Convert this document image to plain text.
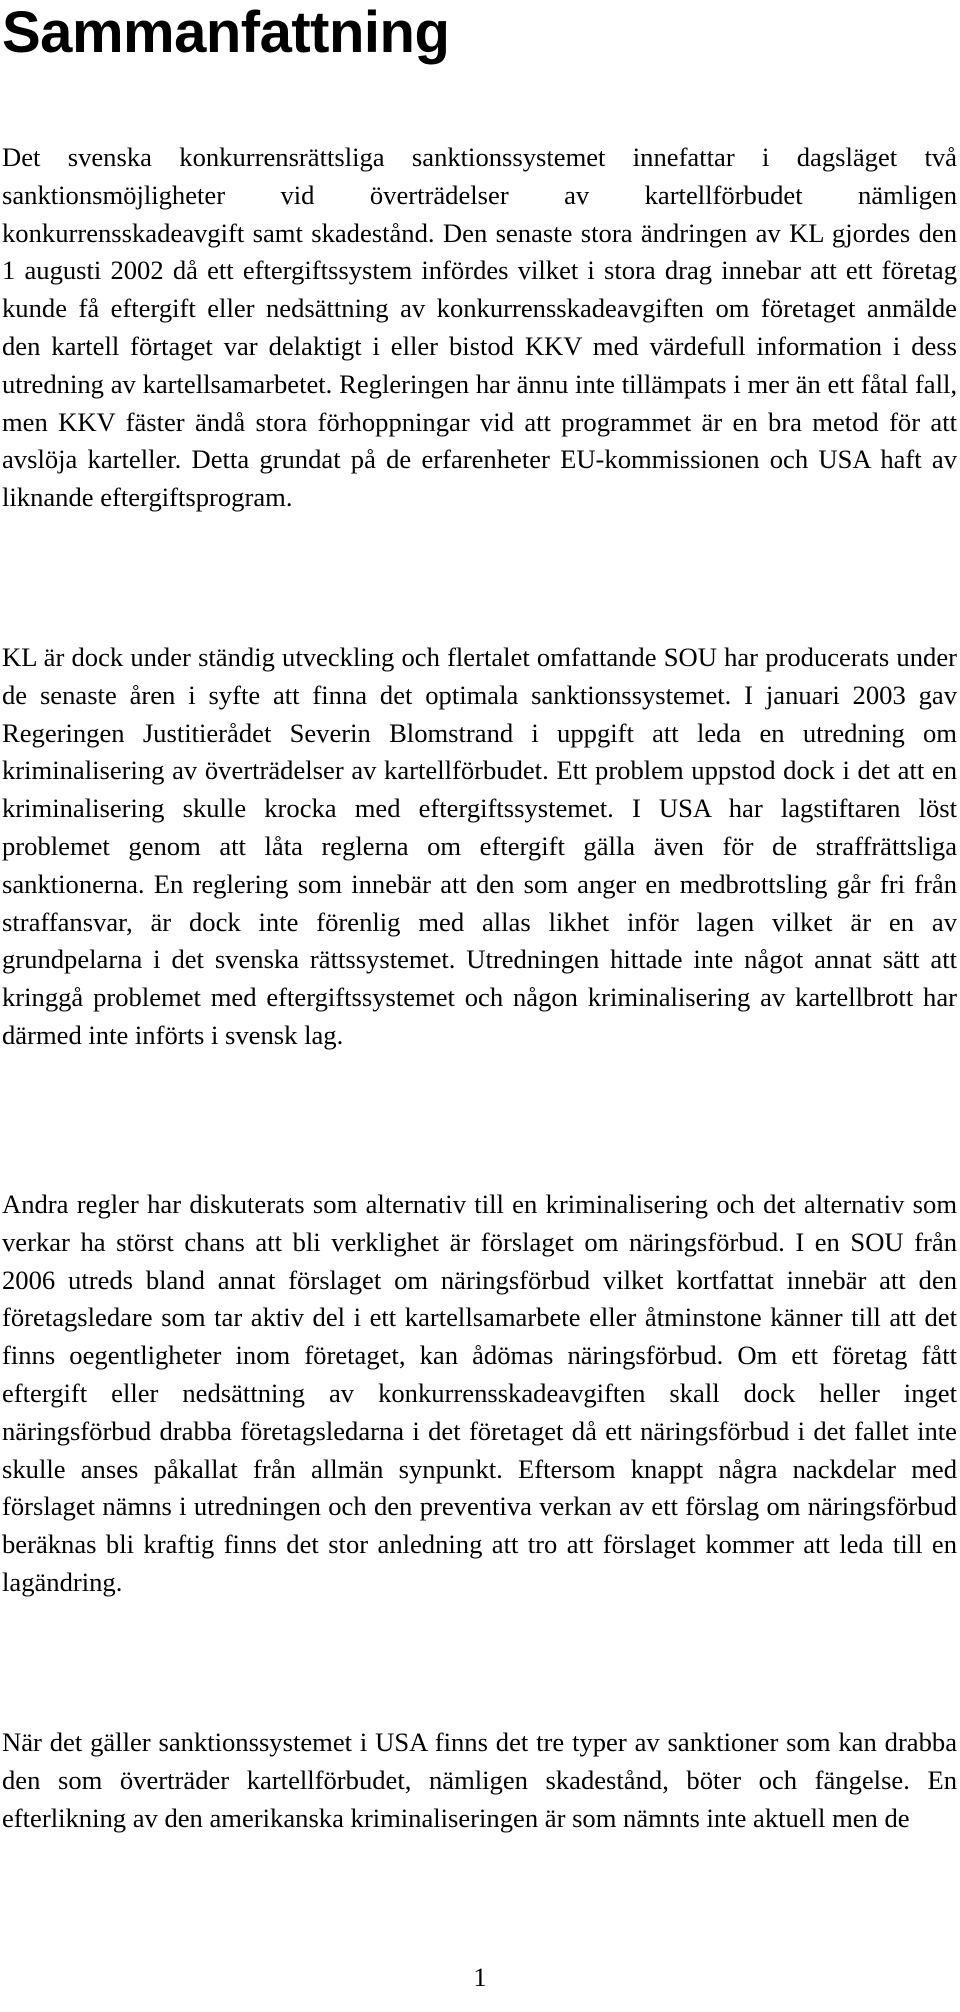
Sammanfattning

Det svenska konkurrensrättsliga sanktionssystemet innefattar i dagsläget två sanktionsmöjligheter vid överträdelser av kartellförbudet nämligen konkurrensskadeavgift samt skadestånd. Den senaste stora ändringen av KL gjordes den 1 augusti 2002 då ett eftergiftssystem infördes vilket i stora drag innebar att ett företag kunde få eftergift eller nedsättning av konkurrensskadeavgiften om företaget anmälde den kartell förtaget var delaktigt i eller bistod KKV med värdefull information i dess utredning av kartellsamarbetet. Regleringen har ännu inte tillämpats i mer än ett fåtal fall, men KKV fäster ändå stora förhoppningar vid att programmet är en bra metod för att avslöja karteller. Detta grundat på de erfarenheter EU-kommissionen och USA haft av liknande eftergiftsprogram.

KL är dock under ständig utveckling och flertalet omfattande SOU har producerats under de senaste åren i syfte att finna det optimala sanktionssystemet. I januari 2003 gav Regeringen Justitierådet Severin Blomstrand i uppgift att leda en utredning om kriminalisering av överträdelser av kartellförbudet. Ett problem uppstod dock i det att en kriminalisering skulle krocka med eftergiftssystemet. I USA har lagstiftaren löst problemet genom att låta reglerna om eftergift gälla även för de straffrättsliga sanktionerna. En reglering som innebär att den som anger en medbrottsling går fri från straffansvar, är dock inte förenlig med allas likhet inför lagen vilket är en av grundpelarna i det svenska rättssystemet. Utredningen hittade inte något annat sätt att kringgå problemet med eftergiftssystemet och någon kriminalisering av kartellbrott har därmed inte införts i svensk lag.

Andra regler har diskuterats som alternativ till en kriminalisering och det alternativ som verkar ha störst chans att bli verklighet är förslaget om näringsförbud. I en SOU från 2006 utreds bland annat förslaget om näringsförbud vilket kortfattat innebär att den företagsledare som tar aktiv del i ett kartellsamarbete eller åtminstone känner till att det finns oegentligheter inom företaget, kan ådömas näringsförbud. Om ett företag fått eftergift eller nedsättning av konkurrensskadeavgiften skall dock heller inget näringsförbud drabba företagsledarna i det företaget då ett näringsförbud i det fallet inte skulle anses påkallat från allmän synpunkt. Eftersom knappt några nackdelar med förslaget nämns i utredningen och den preventiva verkan av ett förslag om näringsförbud beräknas bli kraftig finns det stor anledning att tro att förslaget kommer att leda till en lagändring.

När det gäller sanktionssystemet i USA finns det tre typer av sanktioner som kan drabba den som överträder kartellförbudet, nämligen skadestånd, böter och fängelse. En efterlikning av den amerikanska kriminaliseringen är som nämnts inte aktuell men de

1
